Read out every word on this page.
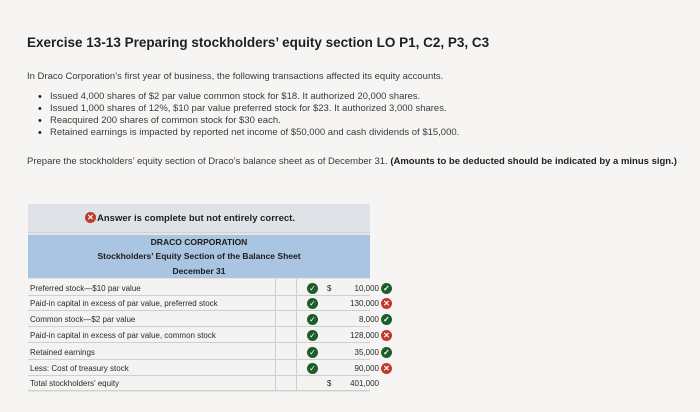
Exercise 13-13 Preparing stockholders’ equity section LO P1, C2, P3, C3
In Draco Corporation’s first year of business, the following transactions affected its equity accounts.
• Issued 4,000 shares of $2 par value common stock for $18. It authorized 20,000 shares.
• Issued 1,000 shares of 12%, $10 par value preferred stock for $23. It authorized 3,000 shares.
• Reacquired 200 shares of common stock for $30 each.
• Retained earnings is impacted by reported net income of $50,000 and cash dividends of $15,000.
Prepare the stockholders’ equity section of Draco’s balance sheet as of December 31. (Amounts to be deducted should be indicated by a minus sign.)
✕ Answer is complete but not entirely correct.
DRACO CORPORATION
Stockholders’ Equity Section of the Balance Sheet
December 31
Preferred stock—$10 par value	✓ $	10,000 ✓
Paid-in capital in excess of par value, preferred stock	✓	130,000 ✕
Common stock—$2 par value	✓	8,000 ✓
Paid-in capital in excess of par value, common stock	✓	128,000 ✕
Retained earnings	✓	35,000 ✓
Less: Cost of treasury stock	✓	90,000 ✕
Total stockholders’ equity	$	401,000
